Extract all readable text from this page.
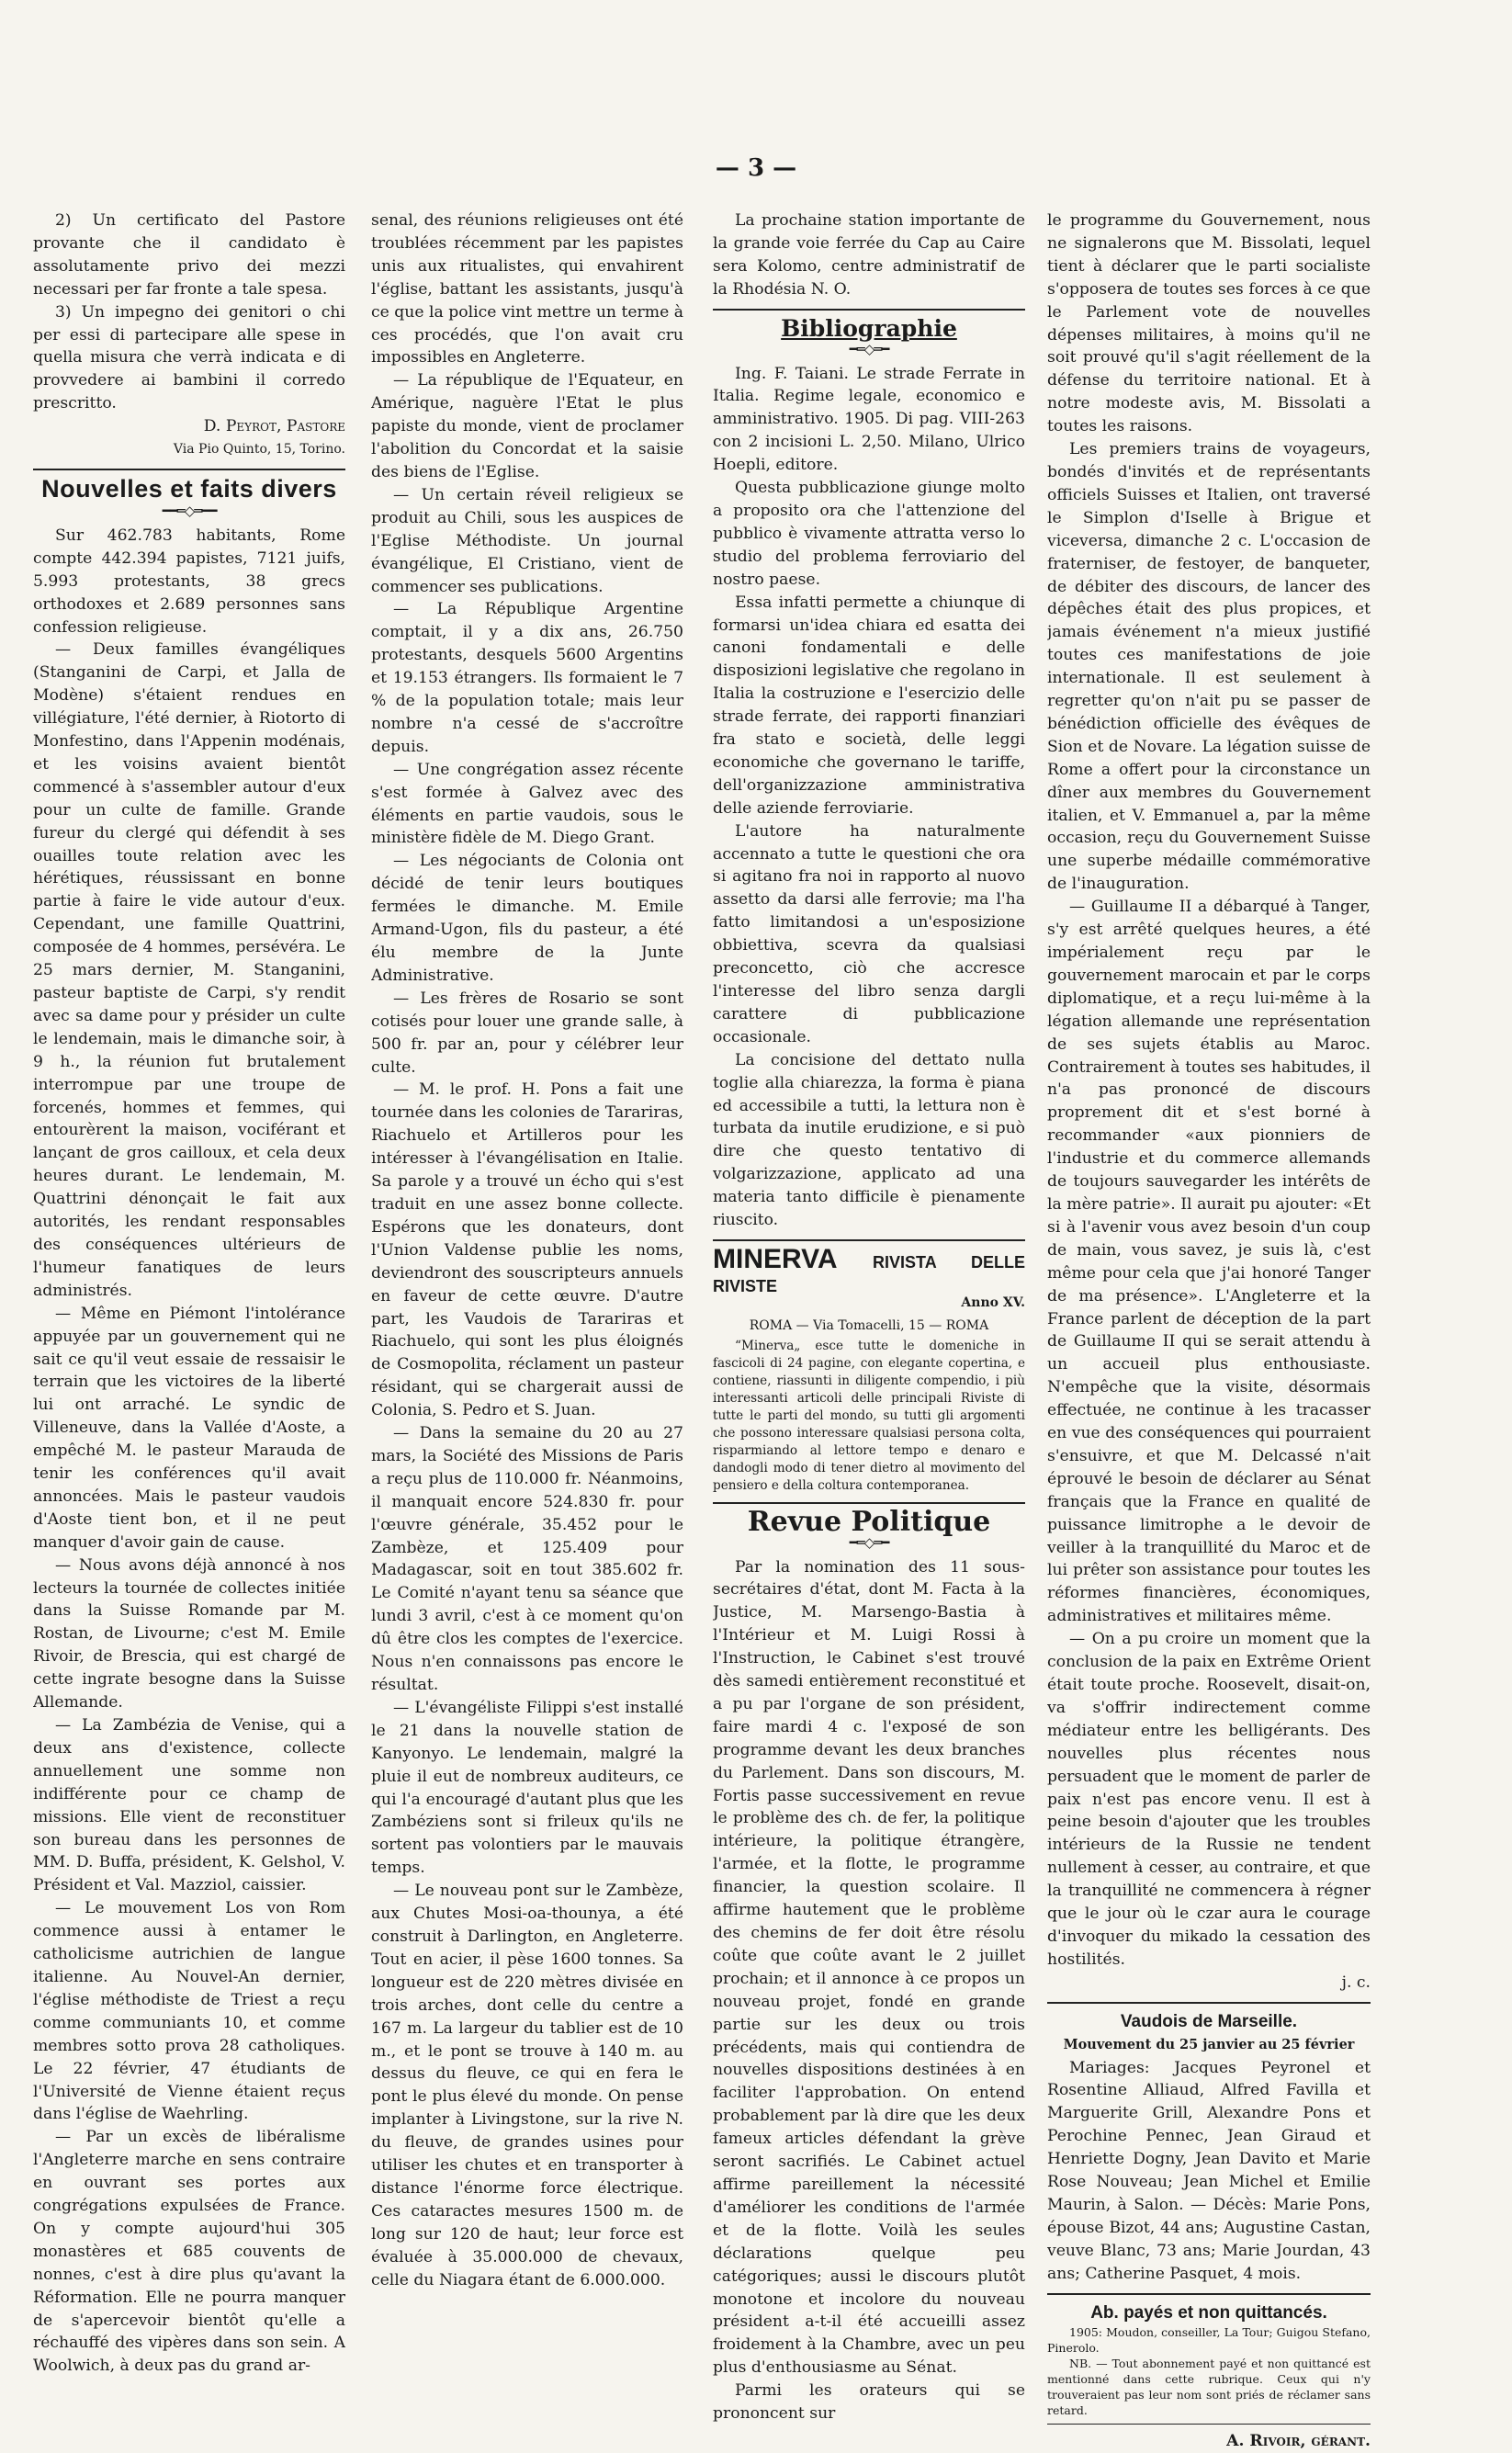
— 3 —

2) Un certificato del Pastore provante che il candidato è assolutamente privo dei mezzi necessari per far fronte a tale spesa.

3) Un impegno dei genitori o chi per essi di partecipare alle spese in quella misura che verrà indicata e di provvedere ai bambini il corredo prescritto.

D. Peyrot, Pastore
Via Pio Quinto, 15, Torino.
Nouvelles et faits divers
━━═◇═━━

Sur 462.783 habitants, Rome compte 442.394 papistes, 7121 juifs, 5.993 protestants, 38 grecs orthodoxes et 2.689 personnes sans confession religieuse.

— Deux familles évangéliques (Stanganini de Carpi, et Jalla de Modène) s'étaient rendues en villégiature, l'été dernier, à Riotorto di Monfestino, dans l'Appenin modénais, et les voisins avaient bientôt commencé à s'assembler autour d'eux pour un culte de famille. Grande fureur du clergé qui défendit à ses ouailles toute relation avec les hérétiques, réussissant en bonne partie à faire le vide autour d'eux. Cependant, une famille Quattrini, composée de 4 hommes, persévéra. Le 25 mars dernier, M. Stanganini, pasteur baptiste de Carpi, s'y rendit avec sa dame pour y présider un culte le lendemain, mais le dimanche soir, à 9 h., la réunion fut brutalement interrompue par une troupe de forcenés, hommes et femmes, qui entourèrent la maison, vociférant et lançant de gros cailloux, et cela deux heures durant. Le lendemain, M. Quattrini dénonçait le fait aux autorités, les rendant responsables des conséquences ultérieurs de l'humeur fanatiques de leurs administrés.

— Même en Piémont l'intolérance appuyée par un gouvernement qui ne sait ce qu'il veut essaie de ressaisir le terrain que les victoires de la liberté lui ont arraché. Le syndic de Villeneuve, dans la Vallée d'Aoste, a empêché M. le pasteur Marauda de tenir les conférences qu'il avait annoncées. Mais le pasteur vaudois d'Aoste tient bon, et il ne peut manquer d'avoir gain de cause.

— Nous avons déjà annoncé à nos lecteurs la tournée de collectes initiée dans la Suisse Romande par M. Rostan, de Livourne; c'est M. Emile Rivoir, de Brescia, qui est chargé de cette ingrate besogne dans la Suisse Allemande.

— La Zambézia de Venise, qui a deux ans d'existence, collecte annuellement une somme non indifférente pour ce champ de missions. Elle vient de reconstituer son bureau dans les personnes de MM. D. Buffa, président, K. Gelshol, V. Président et Val. Mazziol, caissier.

— Le mouvement Los von Rom commence aussi à entamer le catholicisme autrichien de langue italienne. Au Nouvel-An dernier, l'église méthodiste de Triest a reçu comme communiants 10, et comme membres sotto prova 28 catholiques. Le 22 février, 47 étudiants de l'Université de Vienne étaient reçus dans l'église de Waehrling.

— Par un excès de libéralisme l'Angleterre marche en sens contraire en ouvrant ses portes aux congrégations expulsées de France. On y compte aujourd'hui 305 monastères et 685 couvents de nonnes, c'est à dire plus qu'avant la Réformation. Elle ne pourra manquer de s'apercevoir bientôt qu'elle a réchauffé des vipères dans son sein. A Woolwich, à deux pas du grand ar-

senal, des réunions religieuses ont été troublées récemment par les papistes unis aux ritualistes, qui envahirent l'église, battant les assistants, jusqu'à ce que la police vint mettre un terme à ces procédés, que l'on avait cru impossibles en Angleterre.

— La république de l'Equateur, en Amérique, naguère l'Etat le plus papiste du monde, vient de proclamer l'abolition du Concordat et la saisie des biens de l'Eglise.

— Un certain réveil religieux se produit au Chili, sous les auspices de l'Eglise Méthodiste. Un journal évangélique, El Cristiano, vient de commencer ses publications.

— La République Argentine comptait, il y a dix ans, 26.750 protestants, desquels 5600 Argentins et 19.153 étrangers. Ils formaient le 7 % de la population totale; mais leur nombre n'a cessé de s'accroître depuis.

— Une congrégation assez récente s'est formée à Galvez avec des éléments en partie vaudois, sous le ministère fidèle de M. Diego Grant.

— Les négociants de Colonia ont décidé de tenir leurs boutiques fermées le dimanche. M. Emile Armand-Ugon, fils du pasteur, a été élu membre de la Junte Administrative.

— Les frères de Rosario se sont cotisés pour louer une grande salle, à 500 fr. par an, pour y célébrer leur culte.

— M. le prof. H. Pons a fait une tournée dans les colonies de Tarariras, Riachuelo et Artilleros pour les intéresser à l'évangélisation en Italie. Sa parole y a trouvé un écho qui s'est traduit en une assez bonne collecte. Espérons que les donateurs, dont l'Union Valdense publie les noms, deviendront des souscripteurs annuels en faveur de cette œuvre. D'autre part, les Vaudois de Tarariras et Riachuelo, qui sont les plus éloignés de Cosmopolita, réclament un pasteur résidant, qui se chargerait aussi de Colonia, S. Pedro et S. Juan.

— Dans la semaine du 20 au 27 mars, la Société des Missions de Paris a reçu plus de 110.000 fr. Néanmoins, il manquait encore 524.830 fr. pour l'œuvre générale, 35.452 pour le Zambèze, et 125.409 pour Madagascar, soit en tout 385.602 fr. Le Comité n'ayant tenu sa séance que lundi 3 avril, c'est à ce moment qu'on dû être clos les comptes de l'exercice. Nous n'en connaissons pas encore le résultat.

— L'évangéliste Filippi s'est installé le 21 dans la nouvelle station de Kanyonyo. Le lendemain, malgré la pluie il eut de nombreux auditeurs, ce qui l'a encouragé d'autant plus que les Zambéziens sont si frileux qu'ils ne sortent pas volontiers par le mauvais temps.

— Le nouveau pont sur le Zambèze, aux Chutes Mosi-oa-thounya, a été construit à Darlington, en Angleterre. Tout en acier, il pèse 1600 tonnes. Sa longueur est de 220 mètres divisée en trois arches, dont celle du centre a 167 m. La largeur du tablier est de 10 m., et le pont se trouve à 140 m. au dessus du fleuve, ce qui en fera le pont le plus élevé du monde. On pense implanter à Livingstone, sur la rive N. du fleuve, de grandes usines pour utiliser les chutes et en transporter à distance l'énorme force électrique. Ces cataractes mesures 1500 m. de long sur 120 de haut; leur force est évaluée à 35.000.000 de chevaux, celle du Niagara étant de 6.000.000.

La prochaine station importante de la grande voie ferrée du Cap au Caire sera Kolomo, centre administratif de la Rhodésia N. O.

Bibliographie
━═◇═━

Ing. F. Taiani. Le strade Ferrate in Italia. Regime legale, economico e amministrativo. 1905. Di pag. VIII-263 con 2 incisioni L. 2,50. Milano, Ulrico Hoepli, editore.

Questa pubblicazione giunge molto a proposito ora che l'attenzione del pubblico è vivamente attratta verso lo studio del problema ferroviario del nostro paese.

Essa infatti permette a chiunque di formarsi un'idea chiara ed esatta dei canoni fondamentali e delle disposizioni legislative che regolano in Italia la costruzione e l'esercizio delle strade ferrate, dei rapporti finanziari fra stato e società, delle leggi economiche che governano le tariffe, dell'organizzazione amministrativa delle aziende ferroviarie.

L'autore ha naturalmente accennato a tutte le questioni che ora si agitano fra noi in rapporto al nuovo assetto da darsi alle ferrovie; ma l'ha fatto limitandosi a un'esposizione obbiettiva, scevra da qualsiasi preconcetto, ciò che accresce l'interesse del libro senza dargli carattere di pubblicazione occasionale.

La concisione del dettato nulla toglie alla chiarezza, la forma è piana ed accessibile a tutti, la lettura non è turbata da inutile erudizione, e si può dire che questo tentativo di volgarizzazione, applicato ad una materia tanto difficile è pienamente riuscito.

MINERVA RIVISTA DELLE RIVISTE
Anno XV.
ROMA — Via Tomacelli, 15 — ROMA

“Minerva„ esce tutte le domeniche in fascicoli di 24 pagine, con elegante copertina, e contiene, riassunti in diligente compendio, i più interessanti articoli delle principali Riviste di tutte le parti del mondo, su tutti gli argomenti che possono interessare qualsiasi persona colta, risparmiando al lettore tempo e denaro e dandogli modo di tener dietro al movimento del pensiero e della coltura contemporanea.

Revue Politique
━═◇═━

Par la nomination des 11 sous-secrétaires d'état, dont M. Facta à la Justice, M. Marsengo-Bastia à l'Intérieur et M. Luigi Rossi à l'Instruction, le Cabinet s'est trouvé dès samedi entièrement reconstitué et a pu par l'organe de son président, faire mardi 4 c. l'exposé de son programme devant les deux branches du Parlement. Dans son discours, M. Fortis passe successivement en revue le problème des ch. de fer, la politique intérieure, la politique étrangère, l'armée, et la flotte, le programme financier, la question scolaire. Il affirme hautement que le problème des chemins de fer doit être résolu coûte que coûte avant le 2 juillet prochain; et il annonce à ce propos un nouveau projet, fondé en grande partie sur les deux ou trois précédents, mais qui contiendra de nouvelles dispositions destinées à en faciliter l'approbation. On entend probablement par là dire que les deux fameux articles défendant la grève seront sacrifiés. Le Cabinet actuel affirme pareillement la nécessité d'améliorer les conditions de l'armée et de la flotte. Voilà les seules déclarations quelque peu catégoriques; aussi le discours plutôt monotone et incolore du nouveau président a-t-il été accueilli assez froidement à la Chambre, avec un peu plus d'enthousiasme au Sénat.

Parmi les orateurs qui se prononcent sur

le programme du Gouvernement, nous ne signalerons que M. Bissolati, lequel tient à déclarer que le parti socialiste s'opposera de toutes ses forces à ce que le Parlement vote de nouvelles dépenses militaires, à moins qu'il ne soit prouvé qu'il s'agit réellement de la défense du territoire national. Et à notre modeste avis, M. Bissolati a toutes les raisons.

Les premiers trains de voyageurs, bondés d'invités et de représentants officiels Suisses et Italien, ont traversé le Simplon d'Iselle à Brigue et viceversa, dimanche 2 c. L'occasion de fraterniser, de festoyer, de banqueter, de débiter des discours, de lancer des dépêches était des plus propices, et jamais événement n'a mieux justifié toutes ces manifestations de joie internationale. Il est seulement à regretter qu'on n'ait pu se passer de bénédiction officielle des évêques de Sion et de Novare. La légation suisse de Rome a offert pour la circonstance un dîner aux membres du Gouvernement italien, et V. Emmanuel a, par la même occasion, reçu du Gouvernement Suisse une superbe médaille commémorative de l'inauguration.

— Guillaume II a débarqué à Tanger, s'y est arrêté quelques heures, a été impérialement reçu par le gouvernement marocain et par le corps diplomatique, et a reçu lui-même à la légation allemande une représentation de ses sujets établis au Maroc. Contrairement à toutes ses habitudes, il n'a pas prononcé de discours proprement dit et s'est borné à recommander «aux pionniers de l'industrie et du commerce allemands de toujours sauvegarder les intérêts de la mère patrie». Il aurait pu ajouter: «Et si à l'avenir vous avez besoin d'un coup de main, vous savez, je suis là, c'est même pour cela que j'ai honoré Tanger de ma présence». L'Angleterre et la France parlent de déception de la part de Guillaume II qui se serait attendu à un accueil plus enthousiaste. N'empêche que la visite, désormais effectuée, ne continue à les tracasser en vue des conséquences qui pourraient s'ensuivre, et que M. Delcassé n'ait éprouvé le besoin de déclarer au Sénat français que la France en qualité de puissance limitrophe a le devoir de veiller à la tranquillité du Maroc et de lui prêter son assistance pour toutes les réformes financières, économiques, administratives et militaires même.

— On a pu croire un moment que la conclusion de la paix en Extrême Orient était toute proche. Roosevelt, disait-on, va s'offrir indirectement comme médiateur entre les belligérants. Des nouvelles plus récentes nous persuadent que le moment de parler de paix n'est pas encore venu. Il est à peine besoin d'ajouter que les troubles intérieurs de la Russie ne tendent nullement à cesser, au contraire, et que la tranquillité ne commencera à régner que le jour où le czar aura le courage d'invoquer du mikado la cessation des hostilités.

j. c.
Vaudois de Marseille.
Mouvement du 25 janvier au 25 février

Mariages: Jacques Peyronel et Rosentine Alliaud, Alfred Favilla et Marguerite Grill, Alexandre Pons et Perochine Pennec, Jean Giraud et Henriette Dogny, Jean Davito et Marie Rose Nouveau; Jean Michel et Emilie Maurin, à Salon. — Décès: Marie Pons, épouse Bizot, 44 ans; Augustine Castan, veuve Blanc, 73 ans; Marie Jourdan, 43 ans; Catherine Pasquet, 4 mois.

Ab. payés et non quittancés.

1905: Moudon, conseiller, La Tour; Guigou Stefano, Pinerolo.

NB. — Tout abonnement payé et non quittancé est mentionné dans cette rubrique. Ceux qui n'y trouveraient pas leur nom sont priés de réclamer sans retard.

A. Rivoir, gérant.
